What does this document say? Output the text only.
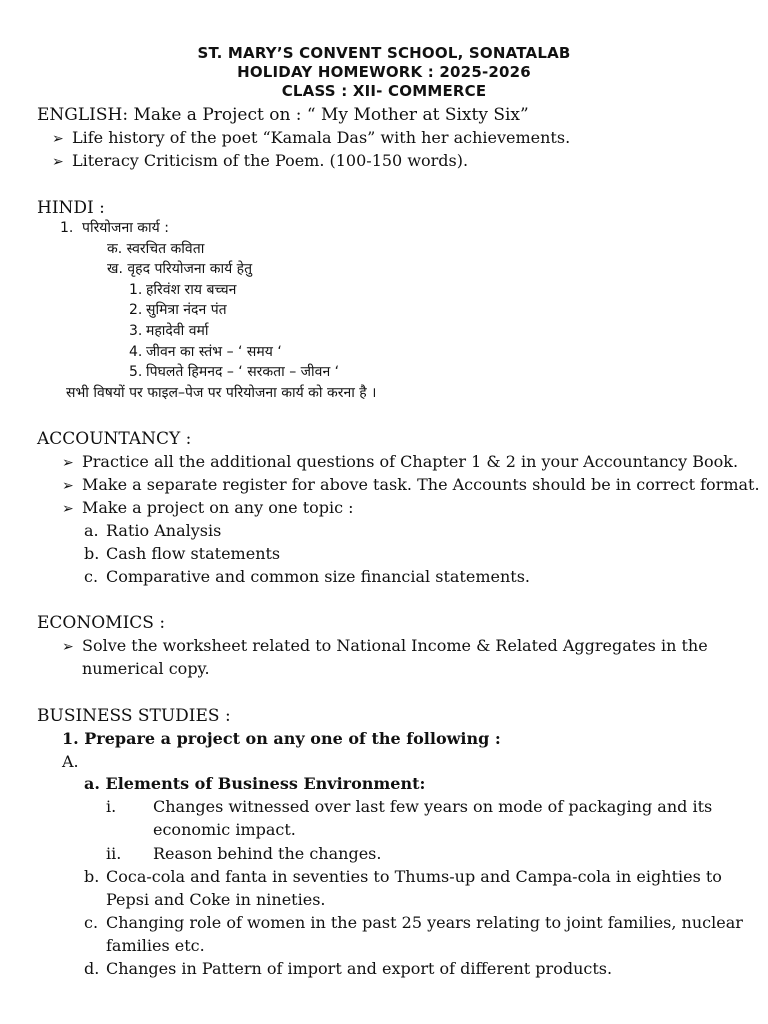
ST. MARY’S CONVENT SCHOOL, SONATALAB
HOLIDAY HOMEWORK : 2025-2026
CLASS : XII- COMMERCE
ENGLISH: Make a Project on : “ My Mother at Sixty Six”
➢ Life history of the poet “Kamala Das” with her achievements.
➢ Literacy Criticism of the Poem. (100-150 words).
HINDI :
1. परियोजना कार्य :
क. स्वरचित कविता
ख. वृहद परियोजना कार्य हेतु
1. हरिवंश राय बच्चन
2. सुमित्रा नंदन पंत
3. महादेवी वर्मा
4. जीवन का स्तंभ – ‘ समय ‘
5. पिघलते हिमनद – ‘ सरकता – जीवन ‘
सभी विषयों पर फाइल–पेज पर परियोजना कार्य को करना है ।
ACCOUNTANCY :
➢ Practice all the additional questions of Chapter 1 & 2 in your Accountancy Book.
➢ Make a separate register for above task. The Accounts should be in correct format.
➢ Make a project on any one topic :
a. Ratio Analysis
b. Cash flow statements
c. Comparative and common size financial statements.
ECONOMICS :
➢ Solve the worksheet related to National Income & Related Aggregates in the
numerical copy.
BUSINESS STUDIES :
1. Prepare a project on any one of the following :
A.
a. Elements of Business Environment:
i. Changes witnessed over last few years on mode of packaging and its
economic impact.
ii. Reason behind the changes.
b. Coca-cola and fanta in seventies to Thums-up and Campa-cola in eighties to
Pepsi and Coke in nineties.
c. Changing role of women in the past 25 years relating to joint families, nuclear
families etc.
d. Changes in Pattern of import and export of different products.
